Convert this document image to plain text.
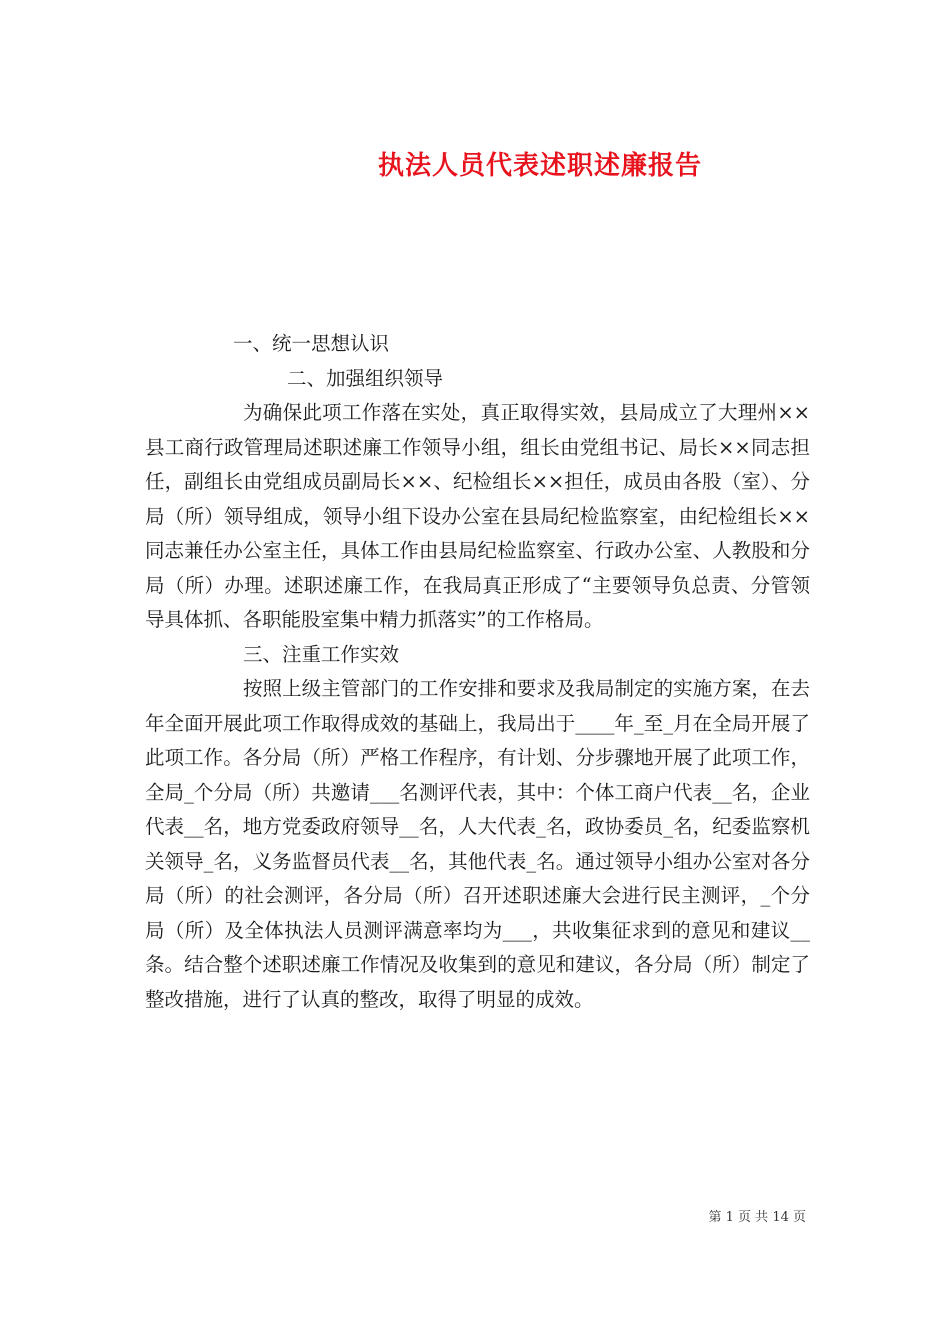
执法人员代表述职述廉报告

一、统一思想认识

二、加强组织领导

为确保此项工作落在实处，真正取得实效，县局成立了大理州××县工商行政管理局述职述廉工作领导小组，组长由党组书记、局长××同志担任，副组长由党组成员副局长××、纪检组长××担任，成员由各股（室）、分局（所）领导组成，领导小组下设办公室在县局纪检监察室，由纪检组长××同志兼任办公室主任，具体工作由县局纪检监察室、行政办公室、人教股和分局（所）办理。述职述廉工作，在我局真正形成了“主要领导负总责、分管领导具体抓、各职能股室集中精力抓落实”的工作格局。

三、注重工作实效

按照上级主管部门的工作安排和要求及我局制定的实施方案，在去年全面开展此项工作取得成效的基础上，我局出于____年_至_月在全局开展了此项工作。各分局（所）严格工作程序，有计划、分步骤地开展了此项工作，全局_个分局（所）共邀请___名测评代表，其中：个体工商户代表__名，企业代表__名，地方党委政府领导__名，人大代表_名，政协委员_名，纪委监察机关领导_名，义务监督员代表__名，其他代表_名。通过领导小组办公室对各分局（所）的社会测评，各分局（所）召开述职述廉大会进行民主测评，_个分局（所）及全体执法人员测评满意率均为___，共收集征求到的意见和建议__条。结合整个述职述廉工作情况及收集到的意见和建议，各分局（所）制定了整改措施，进行了认真的整改，取得了明显的成效。

第 1 页 共 14 页
